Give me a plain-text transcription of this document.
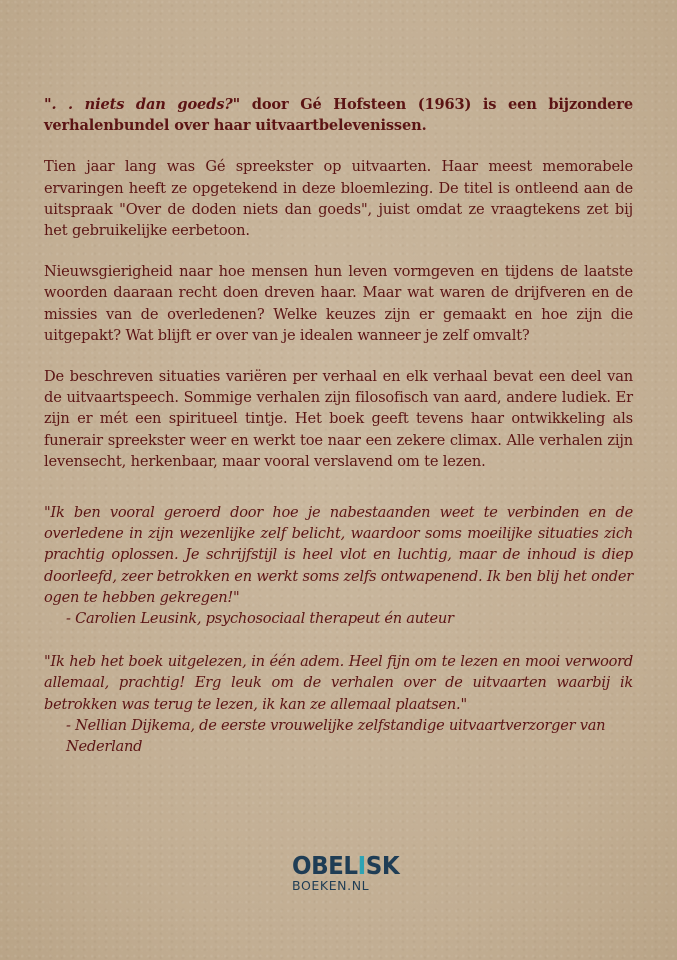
". . niets dan goeds?" door Gé Hofsteen (1963) is een bijzondere verhalenbundel over haar uitvaartbelevenissen.

Tien jaar lang was Gé spreekster op uitvaarten. Haar meest memorabele ervaringen heeft ze opgetekend in deze bloemlezing. De titel is ontleend aan de uitspraak "Over de doden niets dan goeds", juist omdat ze vraagtekens zet bij het gebruikelijke eerbetoon.

Nieuwsgierigheid naar hoe mensen hun leven vormgeven en tijdens de laatste woorden daaraan recht doen dreven haar. Maar wat waren de drijfveren en de missies van de overledenen? Welke keuzes zijn er gemaakt en hoe zijn die uitgepakt? Wat blijft er over van je idealen wanneer je zelf omvalt?

De beschreven situaties variëren per verhaal en elk verhaal bevat een deel van de uitvaartspeech. Sommige verhalen zijn filosofisch van aard, andere ludiek. Er zijn er mét een spiritueel tintje. Het boek geeft tevens haar ontwikkeling als funerair spreekster weer en werkt toe naar een zekere climax. Alle verhalen zijn levensecht, herkenbaar, maar vooral verslavend om te lezen.

"Ik ben vooral geroerd door hoe je nabestaanden weet te verbinden en de overledene in zijn wezenlijke zelf belicht, waardoor soms moeilijke situaties zich prachtig oplossen. Je schrijfstijl is heel vlot en luchtig, maar de inhoud is diep doorleefd, zeer betrokken en werkt soms zelfs ontwapenend. Ik ben blij het onder ogen te hebben gekregen!"

- Carolien Leusink, psychosociaal therapeut én auteur

"Ik heb het boek uitgelezen, in één adem. Heel fijn om te lezen en mooi verwoord allemaal, prachtig! Erg leuk om de verhalen over de uitvaarten waarbij ik betrokken was terug te lezen, ik kan ze allemaal plaatsen."

- Nellian Dijkema, de eerste vrouwelijke zelfstandige uitvaartverzorger van Nederland
OBELISK
BOEKEN.NL
